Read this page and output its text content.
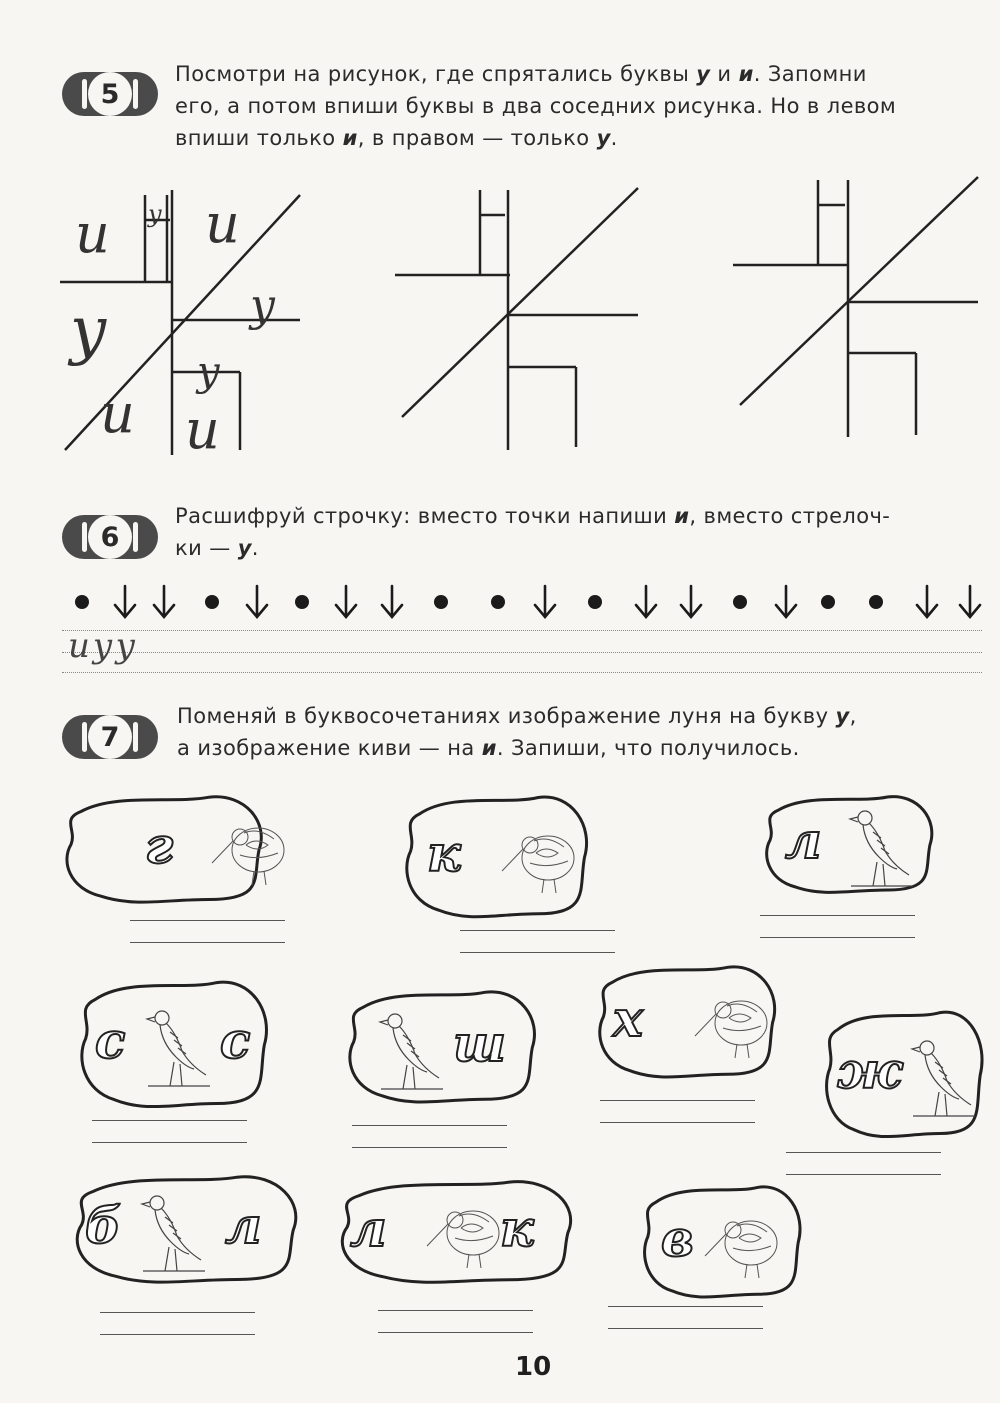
5
Посмотри на рисунок, где спрятались буквы у и и. Запомни
его, а потом впиши буквы в два соседних рисунка. Но в левом
впиши только и, в правом — только у.
и и
у
у	у
у
и и
6
Расшифруй строчку: вместо точки напиши и, вместо стрелоч-
ки — у.
иуу
7
Поменяй в буквосочетаниях изображение луня на букву у,
а изображение киви — на и. Запиши, что получилось.
г	к	л
с с	ш х
ж
б л л к	в
10
